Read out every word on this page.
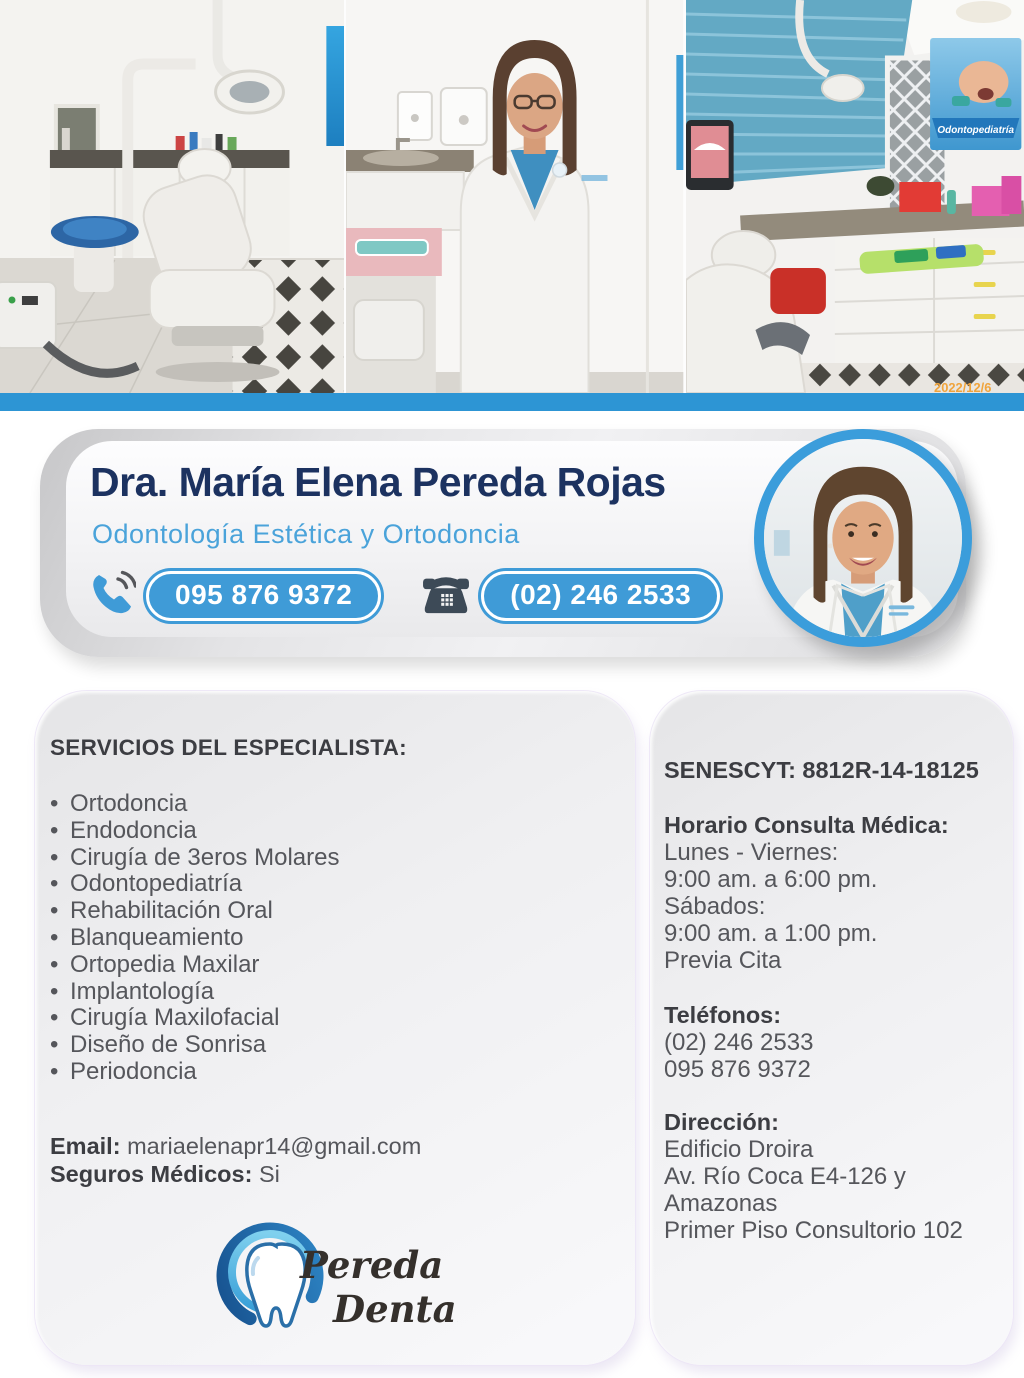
Odontopediatría
2022/12/6
Dra. María Elena Pereda Rojas
Odontología Estética y Ortodoncia
095 876 9372	(02) 246 2533
SERVICIOS DEL ESPECIALISTA:
• Ortodoncia
• Endodoncia
• Cirugía de 3eros Molares
• Odontopediatría
• Rehabilitación Oral
• Blanqueamiento
• Ortopedia Maxilar
• Implantología
• Cirugía Maxilofacial
• Diseño de Sonrisa
• Periodoncia
Email: mariaelenapr14@gmail.com
Seguros Médicos: Si
Pereda
Dental
SENESCYT: 8812R-14-18125
Horario Consulta Médica:
Lunes - Viernes:
9:00 am. a 6:00 pm.
Sábados:
9:00 am. a 1:00 pm.
Previa Cita
Teléfonos:
(02) 246 2533
095 876 9372
Dirección:
Edificio Droira
Av. Río Coca E4-126 y Amazonas
Primer Piso Consultorio 102
